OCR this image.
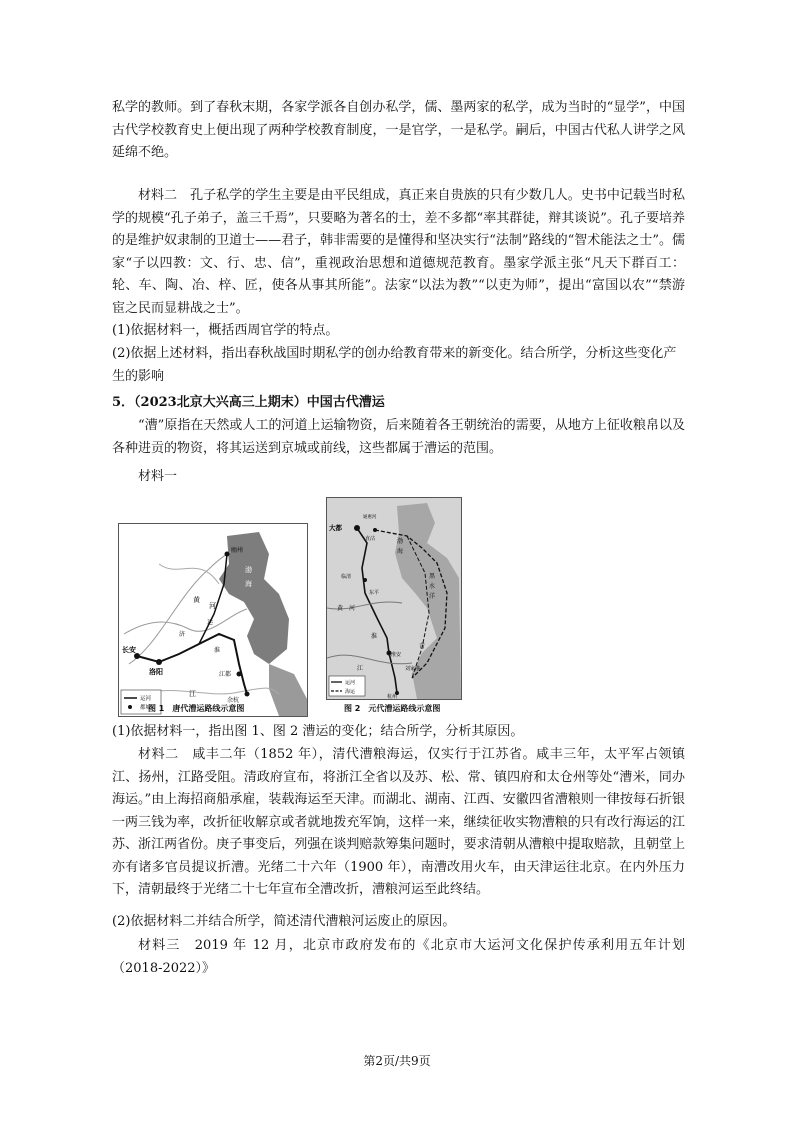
私学的教师。到了春秋末期，各家学派各自创办私学，儒、墨两家的私学，成为当时的“显学”，中国古代学校教育史上便出现了两种学校教育制度，一是官学，一是私学。嗣后，中国古代私人讲学之风延绵不绝。

材料二　孔子私学的学生主要是由平民组成，真正来自贵族的只有少数几人。史书中记载当时私学的规模“孔子弟子，盖三千焉”，只要略为著名的士，差不多都“率其群徒，辩其谈说”。孔子要培养的是维护奴隶制的卫道士——君子，韩非需要的是懂得和坚决实行“法制”路线的“智术能法之士”。儒家“子以四教：文、行、忠、信”，重视政治思想和道德规范教育。墨家学派主张“凡天下群百工：轮、车、陶、冶、梓、匠，使各从事其所能”。法家“以法为教”“以吏为师”，提出“富国以农”“禁游宦之民而显耕战之士”。

(1)依据材料一，概括西周官学的特点。

(2)依据上述材料，指出春秋战国时期私学的创办给教育带来的新变化。结合所学，分析这些变化产生的影响

5．（2023北京大兴高三上期末）中国古代漕运

“漕”原指在天然或人工的河道上运输物资，后来随着各王朝统治的需要，从地方上征收粮帛以及各种进贡的物资，将其运送到京城或前线，这些都属于漕运的范围。

材料一

幽州
渤
海
黄
河
长安
洛阳	江都
余杭
淮
济
运
江
运河
都城
图 1　唐代漕运路线示意图
大都
通惠河
直沽
临清
东平
渤
海
黄 河
淮
江
淮安
刘家港
杭州
黑
水
洋
青
运河
海运
图 2　元代漕运路线示意图

(1)依据材料一，指出图 1、图 2 漕运的变化；结合所学，分析其原因。

材料二　咸丰二年（1852 年），清代漕粮海运，仅实行于江苏省。咸丰三年，太平军占领镇江、扬州，江路受阻。清政府宣布，将浙江全省以及苏、松、常、镇四府和太仓州等处“漕米，同办海运。”由上海招商船承雇，装载海运至天津。而湖北、湖南、江西、安徽四省漕粮则一律按每石折银一两三钱为率，改折征收解京或者就地拨充军饷，这样一来，继续征收实物漕粮的只有改行海运的江苏、浙江两省份。庚子事变后，列强在谈判赔款筹集问题时，要求清朝从漕粮中提取赔款，且朝堂上亦有诸多官员提议折漕。光绪二十六年（1900 年），南漕改用火车，由天津运往北京。在内外压力下，清朝最终于光绪二十七年宣布全漕改折，漕粮河运至此终结。

(2)依据材料二并结合所学，简述清代漕粮河运废止的原因。

材料三　2019 年 12 月，北京市政府发布的《北京市大运河文化保护传承利用五年计划（2018-2022）》

第2页/共9页
